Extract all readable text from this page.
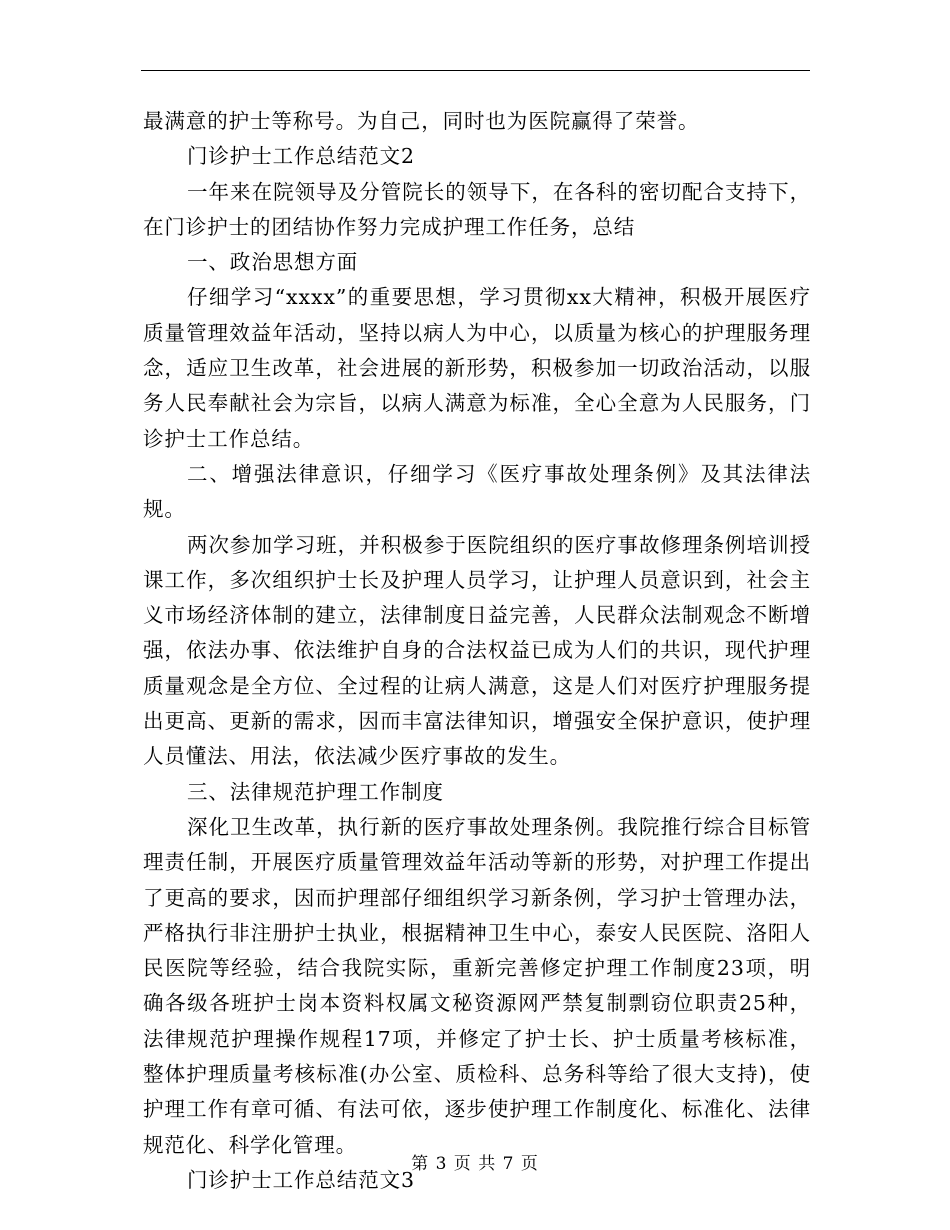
最满意的护士等称号。为自己，同时也为医院赢得了荣誉。

门诊护士工作总结范文2

一年来在院领导及分管院长的领导下，在各科的密切配合支持下，在门诊护士的团结协作努力完成护理工作任务，总结

一、政治思想方面

仔细学习“xxxx”的重要思想，学习贯彻xx大精神，积极开展医疗质量管理效益年活动，坚持以病人为中心，以质量为核心的护理服务理念，适应卫生改革，社会进展的新形势，积极参加一切政治活动，以服务人民奉献社会为宗旨，以病人满意为标准，全心全意为人民服务，门诊护士工作总结。

二、增强法律意识，仔细学习《医疗事故处理条例》及其法律法规。

两次参加学习班，并积极参于医院组织的医疗事故修理条例培训授课工作，多次组织护士长及护理人员学习，让护理人员意识到，社会主义市场经济体制的建立，法律制度日益完善，人民群众法制观念不断增强，依法办事、依法维护自身的合法权益已成为人们的共识，现代护理质量观念是全方位、全过程的让病人满意，这是人们对医疗护理服务提出更高、更新的需求，因而丰富法律知识，增强安全保护意识，使护理人员懂法、用法，依法减少医疗事故的发生。

三、法律规范护理工作制度

深化卫生改革，执行新的医疗事故处理条例。我院推行综合目标管理责任制，开展医疗质量管理效益年活动等新的形势，对护理工作提出了更高的要求，因而护理部仔细组织学习新条例，学习护士管理办法，严格执行非注册护士执业，根据精神卫生中心，泰安人民医院、洛阳人民医院等经验，结合我院实际，重新完善修定护理工作制度23项，明确各级各班护士岗本资料权属文秘资源网严禁复制剽窃位职责25种，法律规范护理操作规程17项，并修定了护士长、护士质量考核标准，整体护理质量考核标准(办公室、质检科、总务科等给了很大支持)，使护理工作有章可循、有法可依，逐步使护理工作制度化、标准化、法律规范化、科学化管理。

门诊护士工作总结范文3

第 3 页 共 7 页
